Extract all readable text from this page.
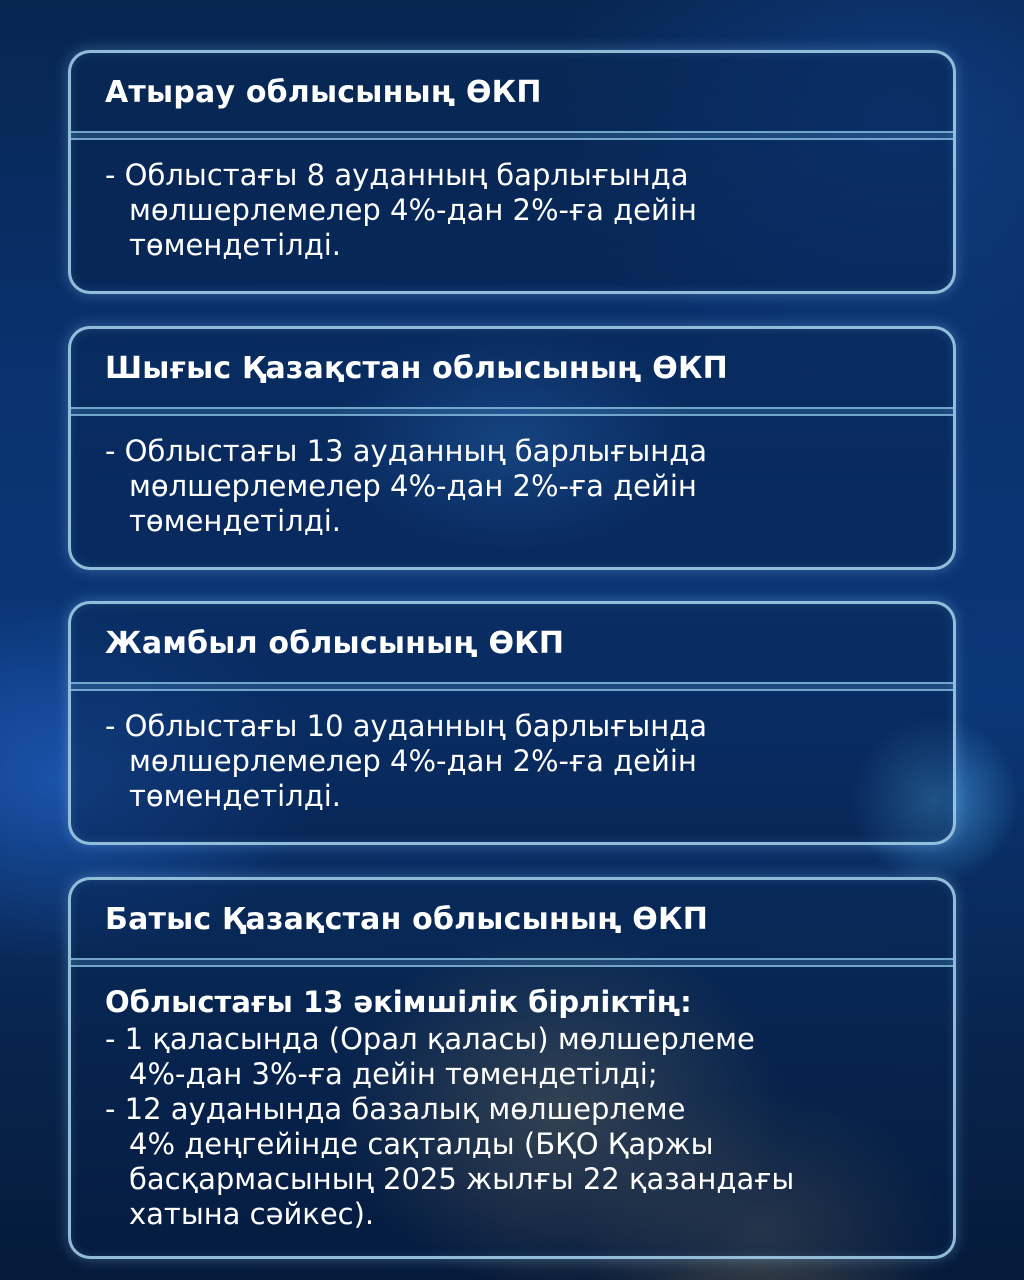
Атырау облысының ӨКП
- Облыстағы 8 ауданның барлығында
мөлшерлемелер 4%-дан 2%-ға дейін
төмендетілді.
Шығыс Қазақстан облысының ӨКП
- Облыстағы 13 ауданның барлығында
мөлшерлемелер 4%-дан 2%-ға дейін
төмендетілді.
Жамбыл облысының ӨКП
- Облыстағы 10 ауданның барлығында
мөлшерлемелер 4%-дан 2%-ға дейін
төмендетілді.
Батыс Қазақстан облысының ӨКП
Облыстағы 13 әкімшілік бірліктің:
- 1 қаласында (Орал қаласы) мөлшерлеме
4%-дан 3%-ға дейін төмендетілді;
- 12 ауданында базалық мөлшерлеме
4% деңгейінде сақталды (БҚО Қаржы
басқармасының 2025 жылғы 22 қазандағы
хатына сәйкес).
